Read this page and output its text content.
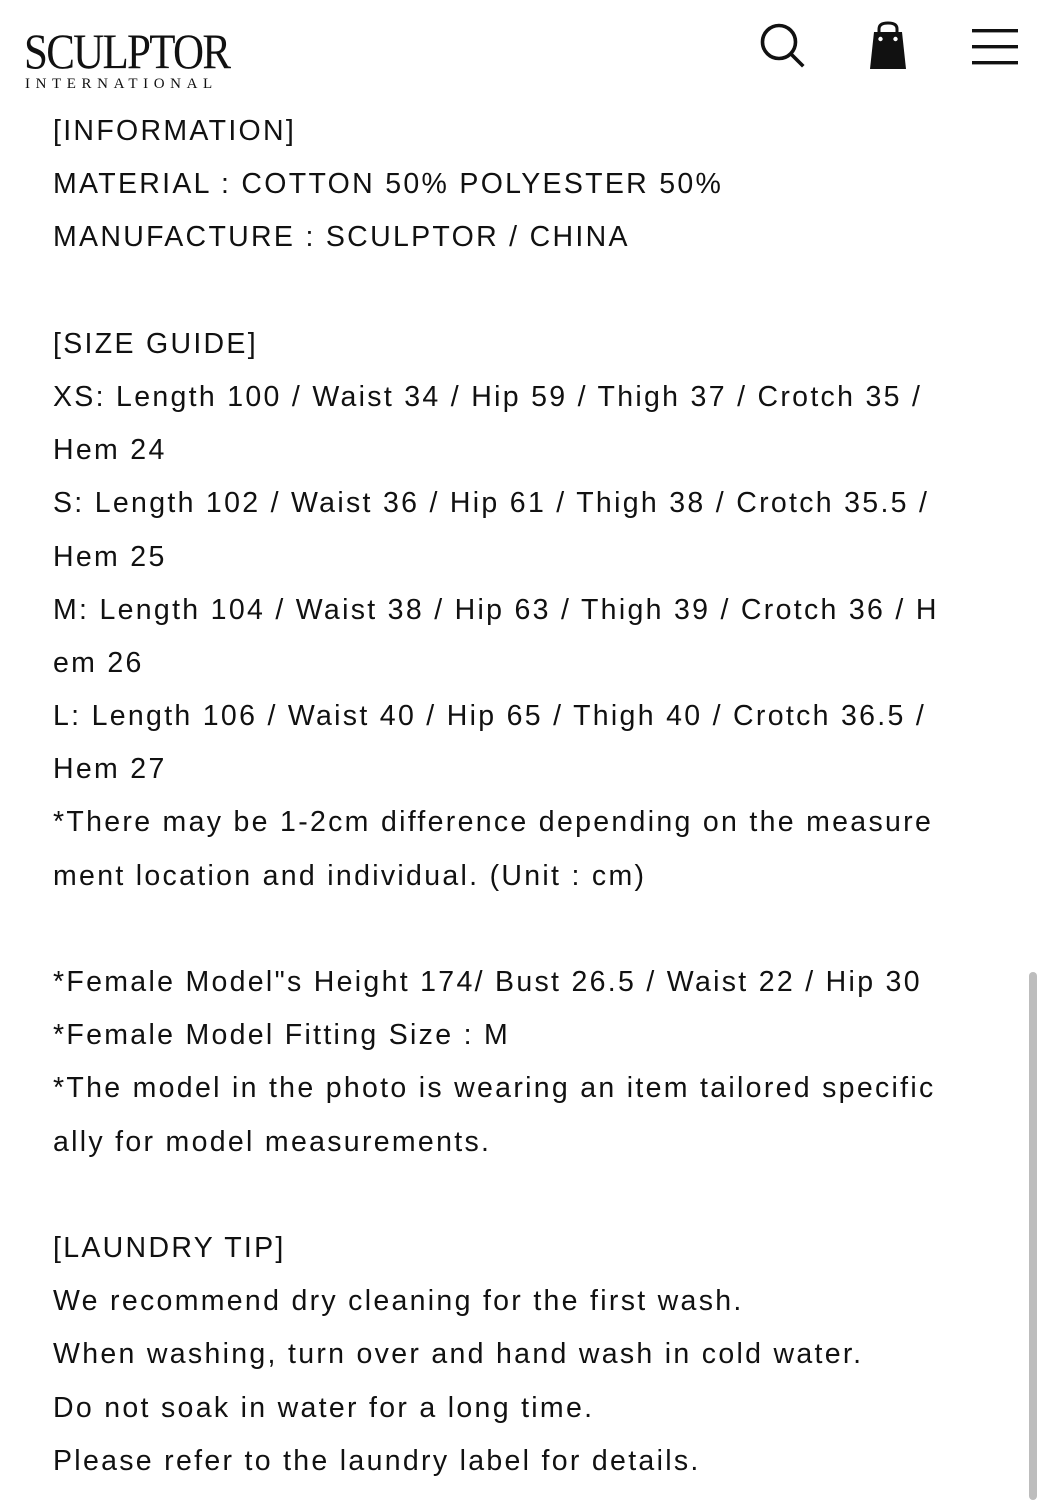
SCULPTOR
INTERNATIONAL
[INFORMATION]
MATERIAL : COTTON 50% POLYESTER 50%
MANUFACTURE : SCULPTOR / CHINA
[SIZE GUIDE]
XS: Length 100 / Waist 34 / Hip 59 / Thigh 37 / Crotch 35 /
Hem 24
S: Length 102 / Waist 36 / Hip 61 / Thigh 38 / Crotch 35.5 /
Hem 25
M: Length 104 / Waist 38 / Hip 63 / Thigh 39 / Crotch 36 / H
em 26
L: Length 106 / Waist 40 / Hip 65 / Thigh 40 / Crotch 36.5 /
Hem 27
*There may be 1-2cm difference depending on the measure
ment location and individual. (Unit : cm)
*Female Model"s Height 174/ Bust 26.5 / Waist 22 / Hip 30
*Female Model Fitting Size : M
*The model in the photo is wearing an item tailored specific
ally for model measurements.
[LAUNDRY TIP]
We recommend dry cleaning for the first wash.
When washing, turn over and hand wash in cold water.
Do not soak in water for a long time.
Please refer to the laundry label for details.
